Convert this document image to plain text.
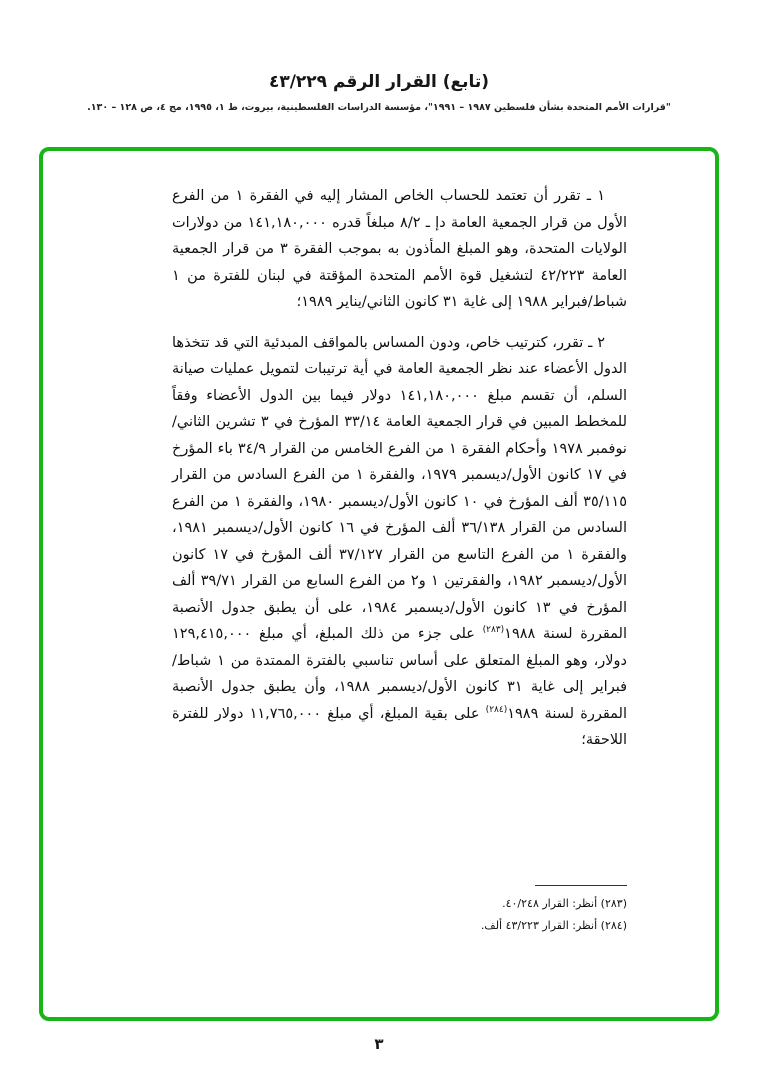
(تابع) القرار الرقم ٤٣/٢٢٩
"قرارات الأمم المتحدة بشأن فلسطين ١٩٨٧ – ١٩٩١"، مؤسسة الدراسات الفلسطينية، بيروت، ط ١، ١٩٩٥، مج ٤، ص ١٢٨ – ١٣٠.

١ ـ تقرر أن تعتمد للحساب الخاص المشار إليه في الفقرة ١ من الفرع الأول من قرار الجمعية العامة دإ ـ ٨/٢ مبلغاً قدره ١٤١,١٨٠,٠٠٠ من دولارات الولايات المتحدة، وهو المبلغ المأذون به بموجب الفقرة ٣ من قرار الجمعية العامة ٤٢/٢٢٣ لتشغيل قوة الأمم المتحدة المؤقتة في لبنان للفترة من ١ شباط/فبراير ١٩٨٨ إلى غاية ٣١ كانون الثاني/يناير ١٩٨٩؛

٢ ـ تقرر، كترتيب خاص، ودون المساس بالمواقف المبدئية التي قد تتخذها الدول الأعضاء عند نظر الجمعية العامة في أية ترتيبات لتمويل عمليات صيانة السلم، أن تقسم مبلغ ١٤١,١٨٠,٠٠٠ دولار فيما بين الدول الأعضاء وفقاً للمخطط المبين في قرار الجمعية العامة ٣٣/١٤ المؤرخ في ٣ تشرين الثاني/نوفمبر ١٩٧٨ وأحكام الفقرة ١ من الفرع الخامس من القرار ٣٤/٩ باء المؤرخ في ١٧ كانون الأول/ديسمبر ١٩٧٩، والفقرة ١ من الفرع السادس من القرار ٣٥/١١٥ ألف المؤرخ في ١٠ كانون الأول/ديسمبر ١٩٨٠، والفقرة ١ من الفرع السادس من القرار ٣٦/١٣٨ ألف المؤرخ في ١٦ كانون الأول/ديسمبر ١٩٨١، والفقرة ١ من الفرع التاسع من القرار ٣٧/١٢٧ ألف المؤرخ في ١٧ كانون الأول/ديسمبر ١٩٨٢، والفقرتين ١ و٢ من الفرع السابع من القرار ٣٩/٧١ ألف المؤرخ في ١٣ كانون الأول/ديسمبر ١٩٨٤، على أن يطبق جدول الأنصبة المقررة لسنة ١٩٨٨$^{(٢٨٣)}$ على جزء من ذلك المبلغ، أي مبلغ ١٢٩,٤١٥,٠٠٠ دولار، وهو المبلغ المتعلق على أساس تناسبي بالفترة الممتدة من ١ شباط/فبراير إلى غاية ٣١ كانون الأول/ديسمبر ١٩٨٨، وأن يطبق جدول الأنصبة المقررة لسنة ١٩٨٩$^{(٢٨٤)}$ على بقية المبلغ، أي مبلغ ١١,٧٦٥,٠٠٠ دولار للفترة اللاحقة؛

(٢٨٣) أنظر: القرار ٤٠/٢٤٨.
(٢٨٤) أنظر: القرار ٤٣/٢٢٣ ألف.
٣
